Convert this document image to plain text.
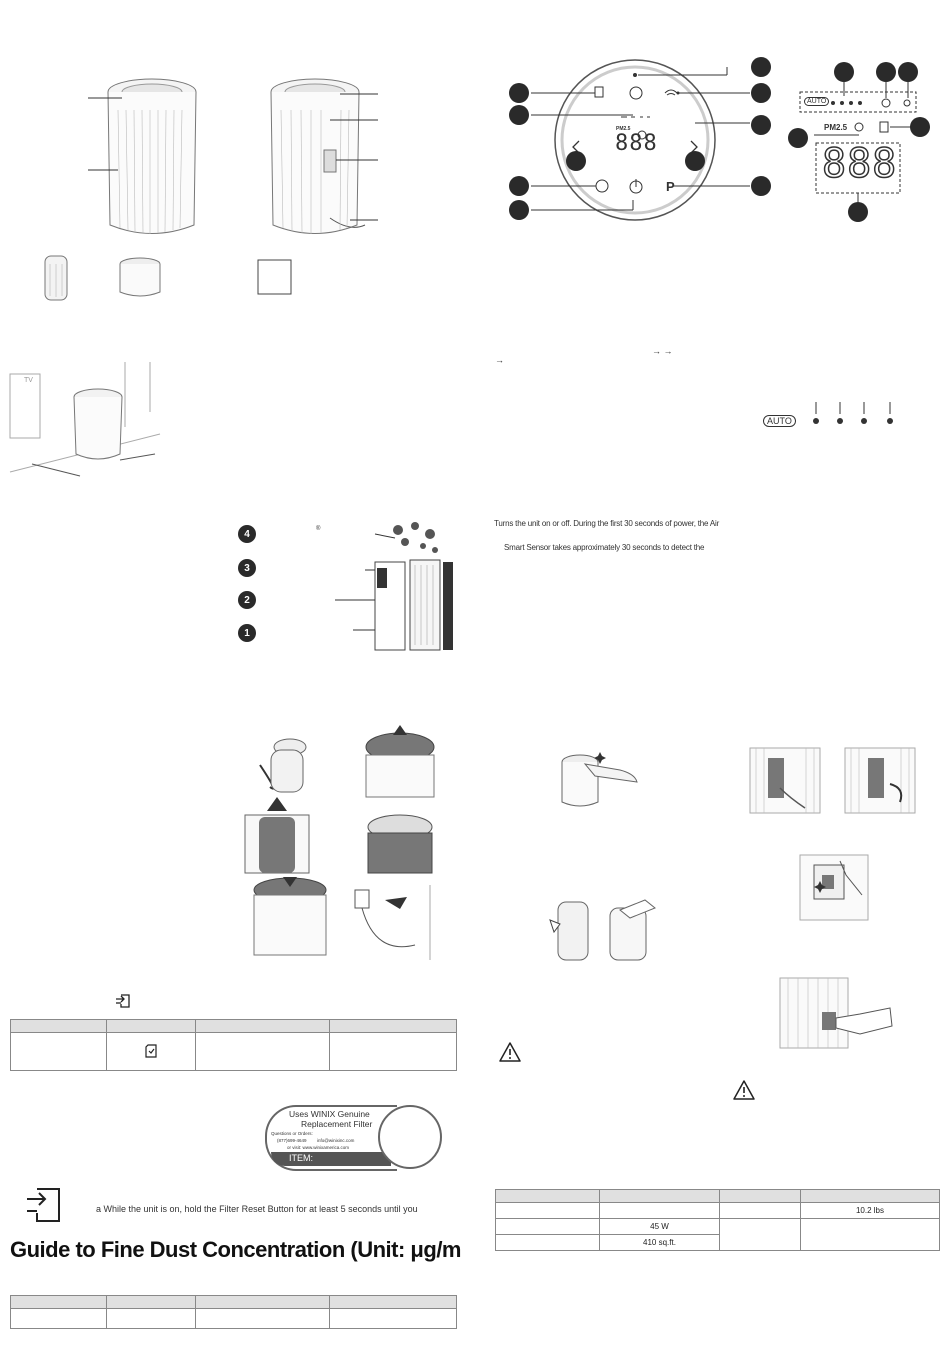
TV
4	®
3
2
1

Uses WINIX Genuine
Replacement Filter
Questions or Orders:
(877)699-4649 info@winixinc.com
or visit: www.winixamerica.com
ITEM:
a While the unit is on, hold the Filter Reset Button for at least 5 seconds until you
Guide to Fine Dust Concentration (Unit: μg/m

PM2.5
888
P
AUTO
PM2.5
888
→ →
→
AUTO
Turns the unit on or off. During the first 30 seconds of power, the Air
Smart Sensor takes approximately 30 seconds to detect the

			10.2 lbs
	45 W		
	410 sq.ft.		
